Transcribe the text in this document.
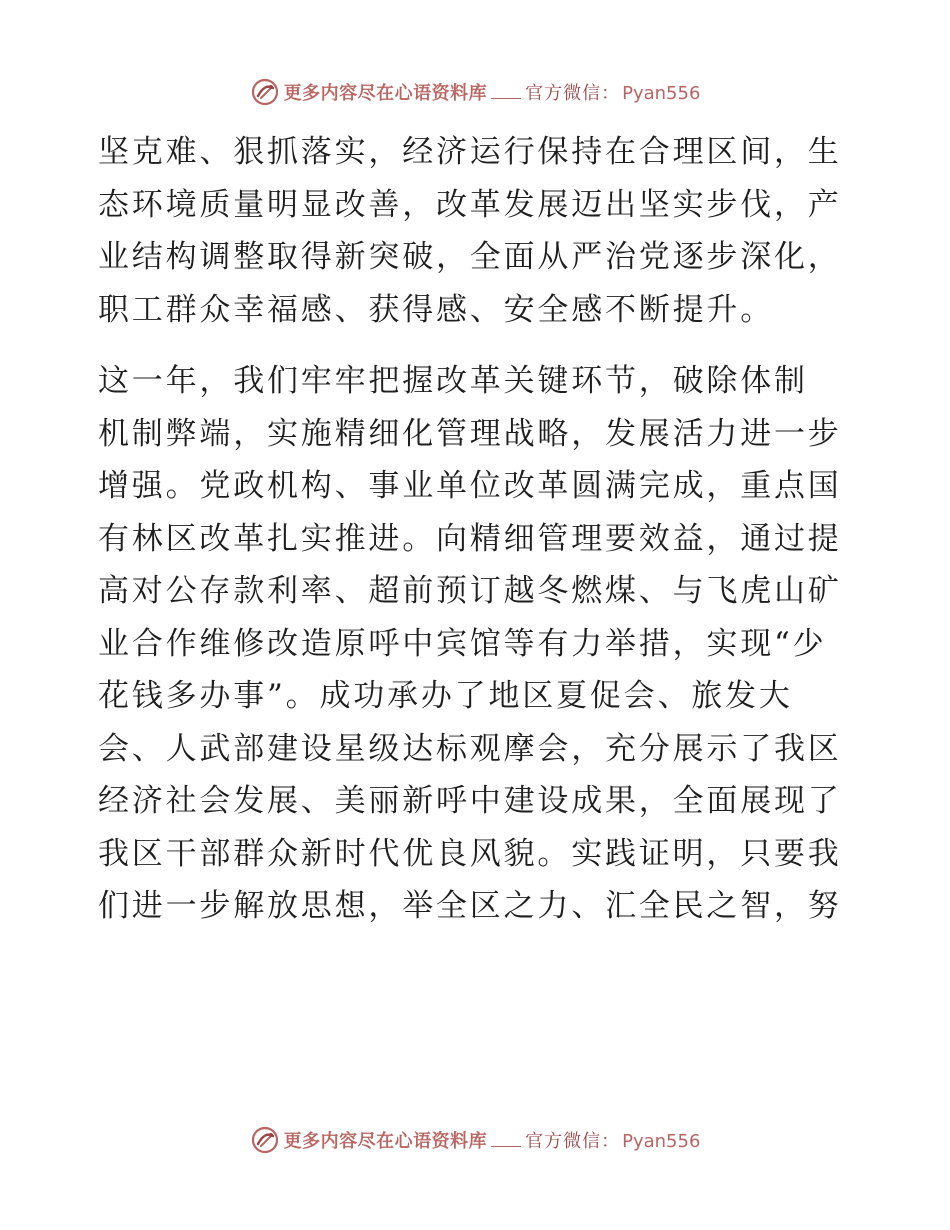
更多内容尽在心语资料库 官方微信： Pyan556
坚克难、狠抓落实，经济运行保持在合理区间，生
态环境质量明显改善，改革发展迈出坚实步伐，产
业结构调整取得新突破，全面从严治党逐步深化，
职工群众幸福感、获得感、安全感不断提升。
这一年，我们牢牢把握改革关键环节，破除体制
机制弊端，实施精细化管理战略，发展活力进一步
增强。党政机构、事业单位改革圆满完成，重点国
有林区改革扎实推进。向精细管理要效益，通过提
高对公存款利率、超前预订越冬燃煤、与飞虎山矿
业合作维修改造原呼中宾馆等有力举措，实现“少
花钱多办事”。成功承办了地区夏促会、旅发大
会、人武部建设星级达标观摩会，充分展示了我区
经济社会发展、美丽新呼中建设成果，全面展现了
我区干部群众新时代优良风貌。实践证明，只要我
们进一步解放思想，举全区之力、汇全民之智，努
更多内容尽在心语资料库 官方微信： Pyan556
